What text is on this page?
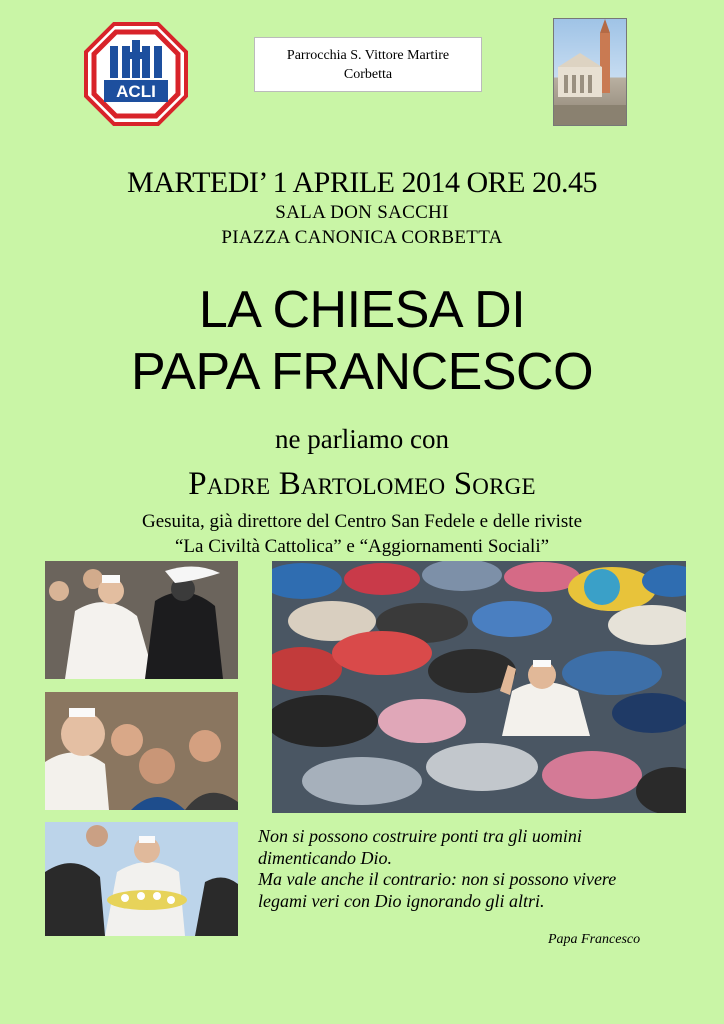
ACLI
Parrocchia S. Vittore Martire
Corbetta
MARTEDI’ 1 APRILE 2014 ORE 20.45
SALA DON SACCHI
PIAZZA CANONICA CORBETTA
LA CHIESA DI
PAPA FRANCESCO
ne parliamo con
Padre Bartolomeo Sorge
Gesuita, già direttore del Centro San Fedele e delle riviste
“La Civiltà Cattolica” e “Aggiornamenti Sociali”
Non si possono costruire ponti tra gli uomini
dimenticando Dio.
Ma vale anche il contrario: non si possono vivere
legami veri con Dio ignorando gli altri.
Papa Francesco
